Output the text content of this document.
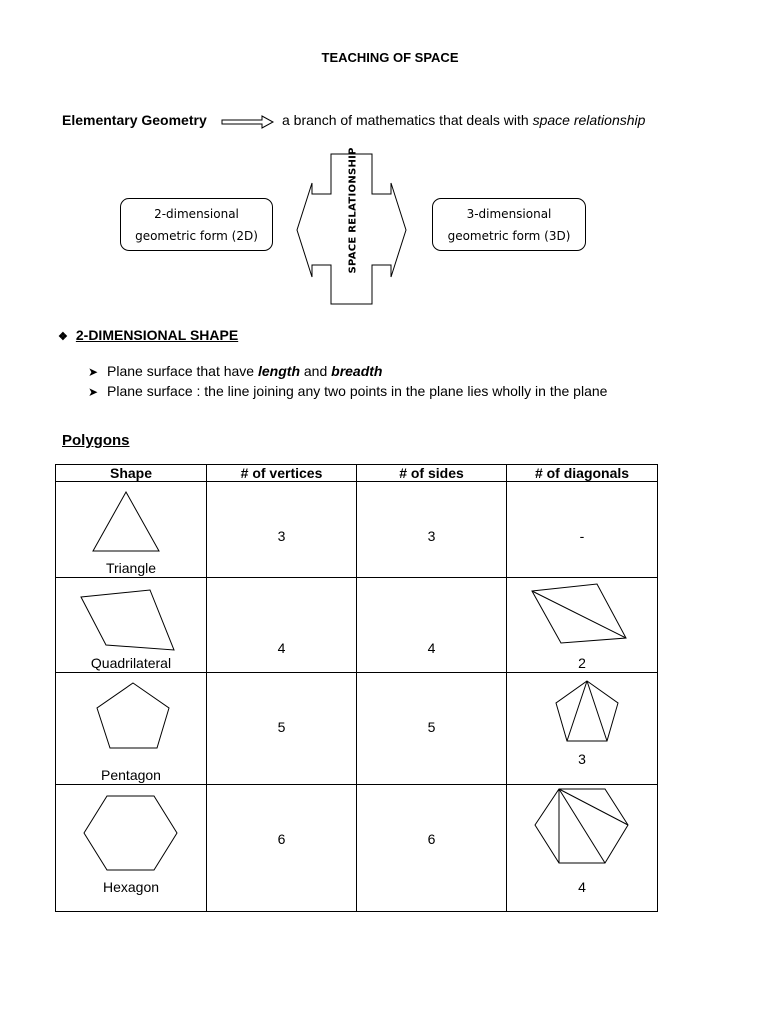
TEACHING OF SPACE
Elementary Geometry	a branch of mathematics that deals with space relationship
2-dimensional
geometric form (2D)	SPACE RELATIONSHIP	3-dimensional
geometric form (3D)
❖ 2-DIMENSIONAL SHAPE
➤ Plane surface that have length and breadth
➤ Plane surface : the line joining any two points in the plane lies wholly in the plane
Polygons
Shape	# of vertices	# of sides	# of diagonals

Triangle	3	3	-

Quadrilateral	4	4	2

Pentagon	5	5	3

Hexagon	6	6	4
